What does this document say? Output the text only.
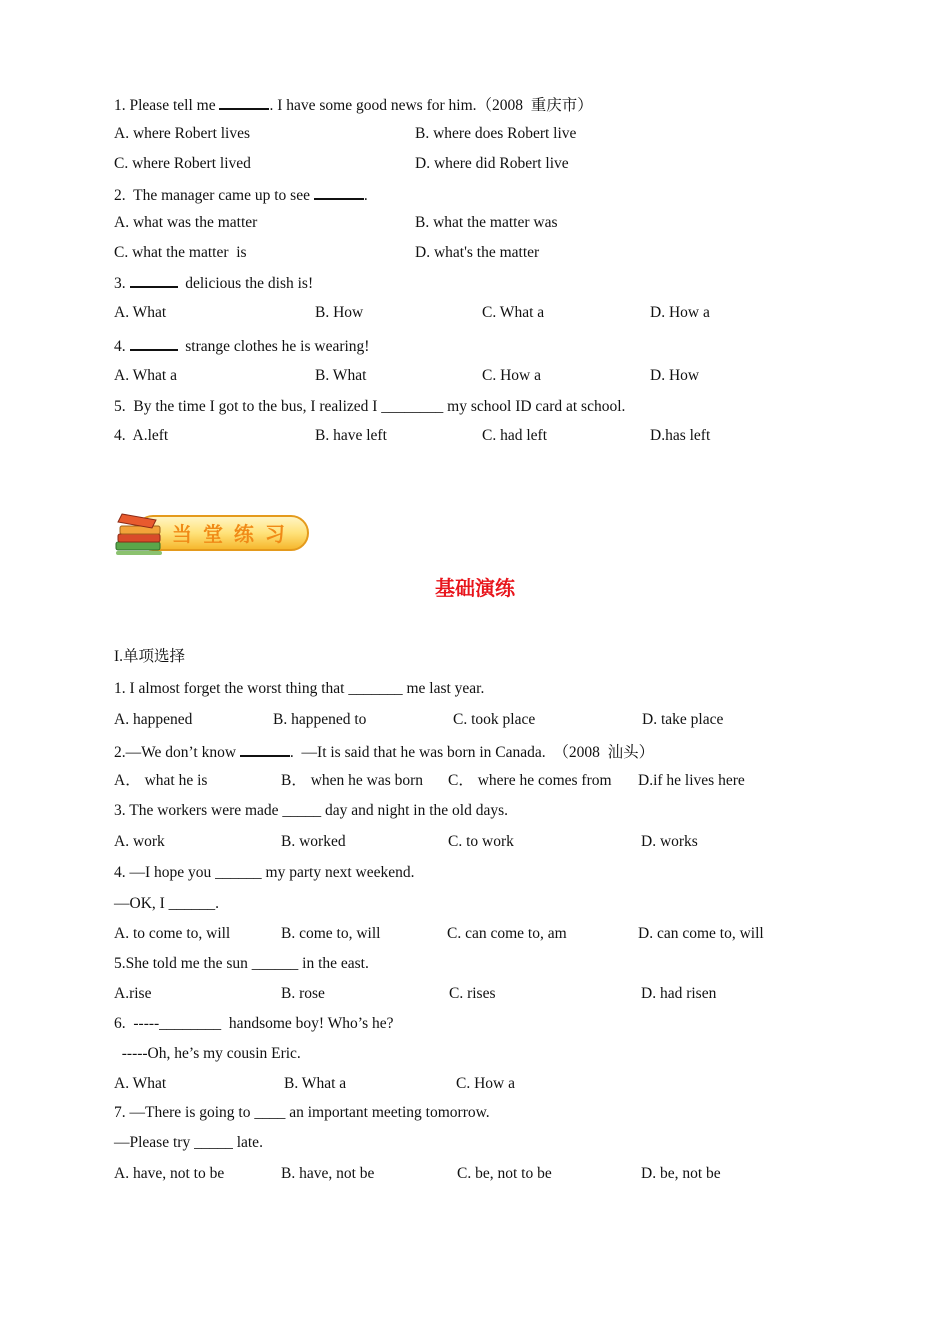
1. Please tell me	. I have some good news for him.（2008  重庆市）
A. where Robert lives	B. where does Robert live
C. where Robert lived	D. where did Robert live
2.  The manager came up to see	.
A. what was the matter	B. what the matter was
C. what the matter  is	D. what's the matter
3.	delicious the dish is!
A. What	B. How	C. What a	D. How a
4.	strange clothes he is wearing!
A. What a	B. What	C. How a	D. How
5.  By the time I got to the bus, I realized I ________ my school ID card at school.
4.  A.left	B. have left	C. had left	D.has left
当 堂 练 习
基础演练
I.单项选择
1. I almost forget the worst thing that _______ me last year.
A. happened	B. happened to	C. took place	D. take place
2.—We don’t know	.  —It is said that he was born in Canada.  （2008  汕头）
A． what he is	B． when he was born C． where he comes from D.if he lives here
3. The workers were made _____ day and night in the old days.
A. work	B. worked	C. to work	D. works
4. —I hope you ______ my party next weekend.
—OK, I ______.
A. to come to, will	B. come to, will	C. can come to, am	D. can come to, will
5.She told me the sun ______ in the east.
A.rise	B. rose	C. rises	D. had risen
6.  -----________  handsome boy! Who’s he?
-----Oh, he’s my cousin Eric.
A. What	B. What a	C. How a
7. —There is going to ____ an important meeting tomorrow.
—Please try _____ late.
A. have, not to be	B. have, not be	C. be, not to be	D. be, not be
